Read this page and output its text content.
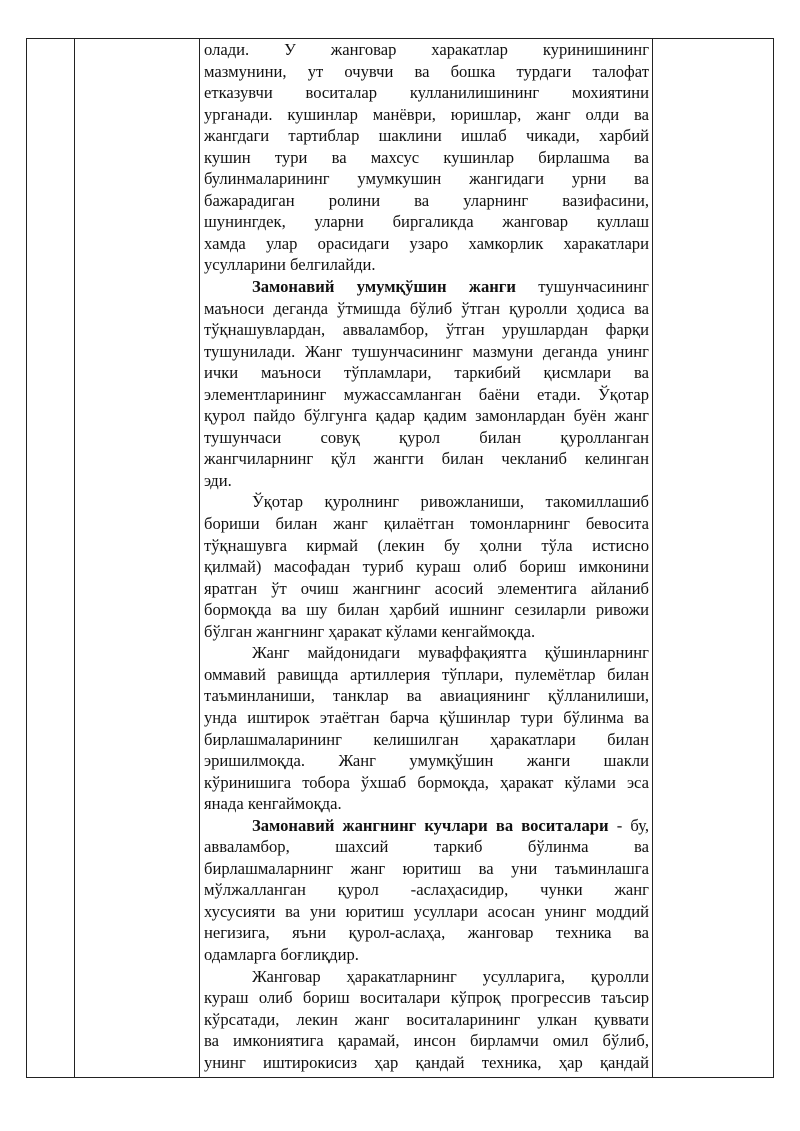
олади. У жанговар харакатлар куринишининг
мазмунини, ут очувчи ва бошка турдаги талофат
етказувчи воситалар кулланилишининг мохиятини
урганади. кушинлар манёври, юришлар, жанг олди ва
жангдаги тартиблар шаклини ишлаб чикади, харбий
кушин тури ва махсус кушинлар бирлашма ва
булинмаларининг умумкушин жангидаги урни ва
бажарадиган ролини ва уларнинг вазифасини,
шунингдек, уларни биргаликда жанговар куллаш
хамда улар орасидаги узаро хамкорлик харакатлари
усулларини белгилайди.
Замонавий умумқўшин жанги тушунчасининг
маъноси деганда ўтмишда бўлиб ўтган қуролли ҳодиса ва
тўқнашувлардан, авваламбор, ўтган урушлардан фарқи
тушунилади. Жанг тушунчасининг мазмуни деганда унинг
ички маъноси тўпламлари, таркибий қисмлари ва
элементларининг мужассамланган баёни етади. Ўқотар
қурол пайдо бўлгунга қадар қадим замонлардан буён жанг
тушунчаси совуқ қурол билан қуролланган
жангчиларнинг қўл жангги билан чекланиб келинган
эди.
Ўқотар қуролнинг ривожланиши, такомиллашиб
бориши билан жанг қилаётган томонларнинг бевосита
тўқнашувга кирмай (лекин бу ҳолни тўла истисно
қилмай) масофадан туриб кураш олиб бориш имконини
яратган ўт очиш жангнинг асосий элементига айланиб
бормоқда ва шу билан ҳарбий ишнинг сезиларли ривожи
бўлган жангнинг ҳаракат кўлами кенгаймоқда.
Жанг майдонидаги муваффақиятга қўшинларнинг
оммавий равищда артиллерия тўплари, пулемётлар билан
таъминланиши, танклар ва авиациянинг қўлланилиши,
унда иштирок этаётган барча қўшинлар тури бўлинма ва
бирлашмаларининг келишилган ҳаракатлари билан
эришилмоқда. Жанг умумқўшин жанги шакли
кўринишига тобора ўхшаб бормоқда, ҳаракат кўлами эса
янада кенгаймоқда.
Замонавий жангнинг кучлари ва воситалари - бу,
аввaламбор, шахсий таркиб бўлинма ва
бирлашмаларнинг жанг юритиш ва уни таъминлашга
мўлжалланган қурол -аслаҳасидир, чунки жанг
хусусияти ва уни юритиш усуллари асосан унинг моддий
негизига, яъни қурол-аслаҳа, жанговар техника ва
одамларга боғлиқдир.
Жанговар ҳаракатларнинг усулларига, қуролли
кураш олиб бориш воситалари кўпроқ прогрессив таъсир
кўрсатади, лекин жанг воситаларининг улкан қуввати
ва имкониятига қарамай, инсон бирламчи омил бўлиб,
унинг иштирокисиз ҳар қандай техника, ҳар қандай
